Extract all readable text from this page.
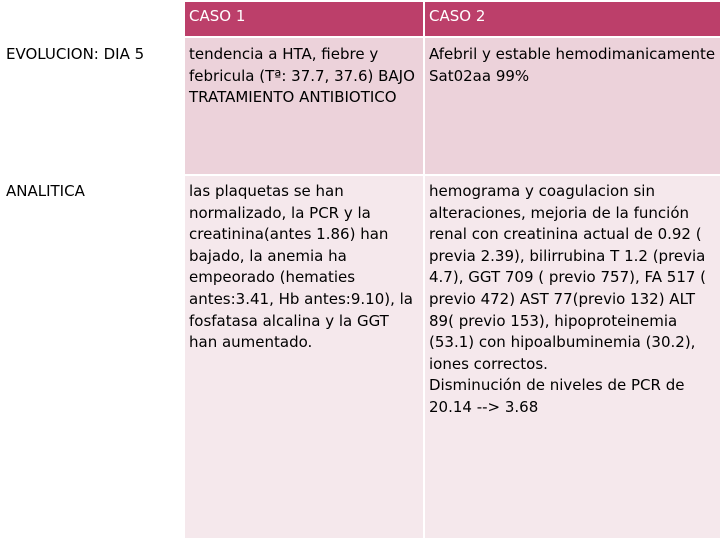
	CASO 1	CASO 2
EVOLUCION: DIA 5	tendencia a HTA, fiebre y febricula (Tª: 37.7, 37.6) BAJO TRATAMIENTO ANTIBIOTICO	Afebril y estable hemodimanicamente Sat02aa 99%

ANALITICA	las plaquetas se han normalizado, la PCR y la creatinina(antes 1.86) han bajado, la anemia ha empeorado (hematies antes:3.41, Hb antes:9.10), la fosfatasa alcalina y la GGT han aumentado.	hemograma y coagulacion sin alteraciones, mejoria de la función renal con creatinina actual de 0.92 ( previa 2.39), bilirrubina T 1.2 (previa 4.7), GGT 709 ( previo 757), FA 517 ( previo 472) AST 77(previo 132) ALT 89( previo 153), hipoproteinemia (53.1) con hipoalbuminemia (30.2), iones correctos.
Disminución de niveles de PCR de 20.14 --> 3.68
